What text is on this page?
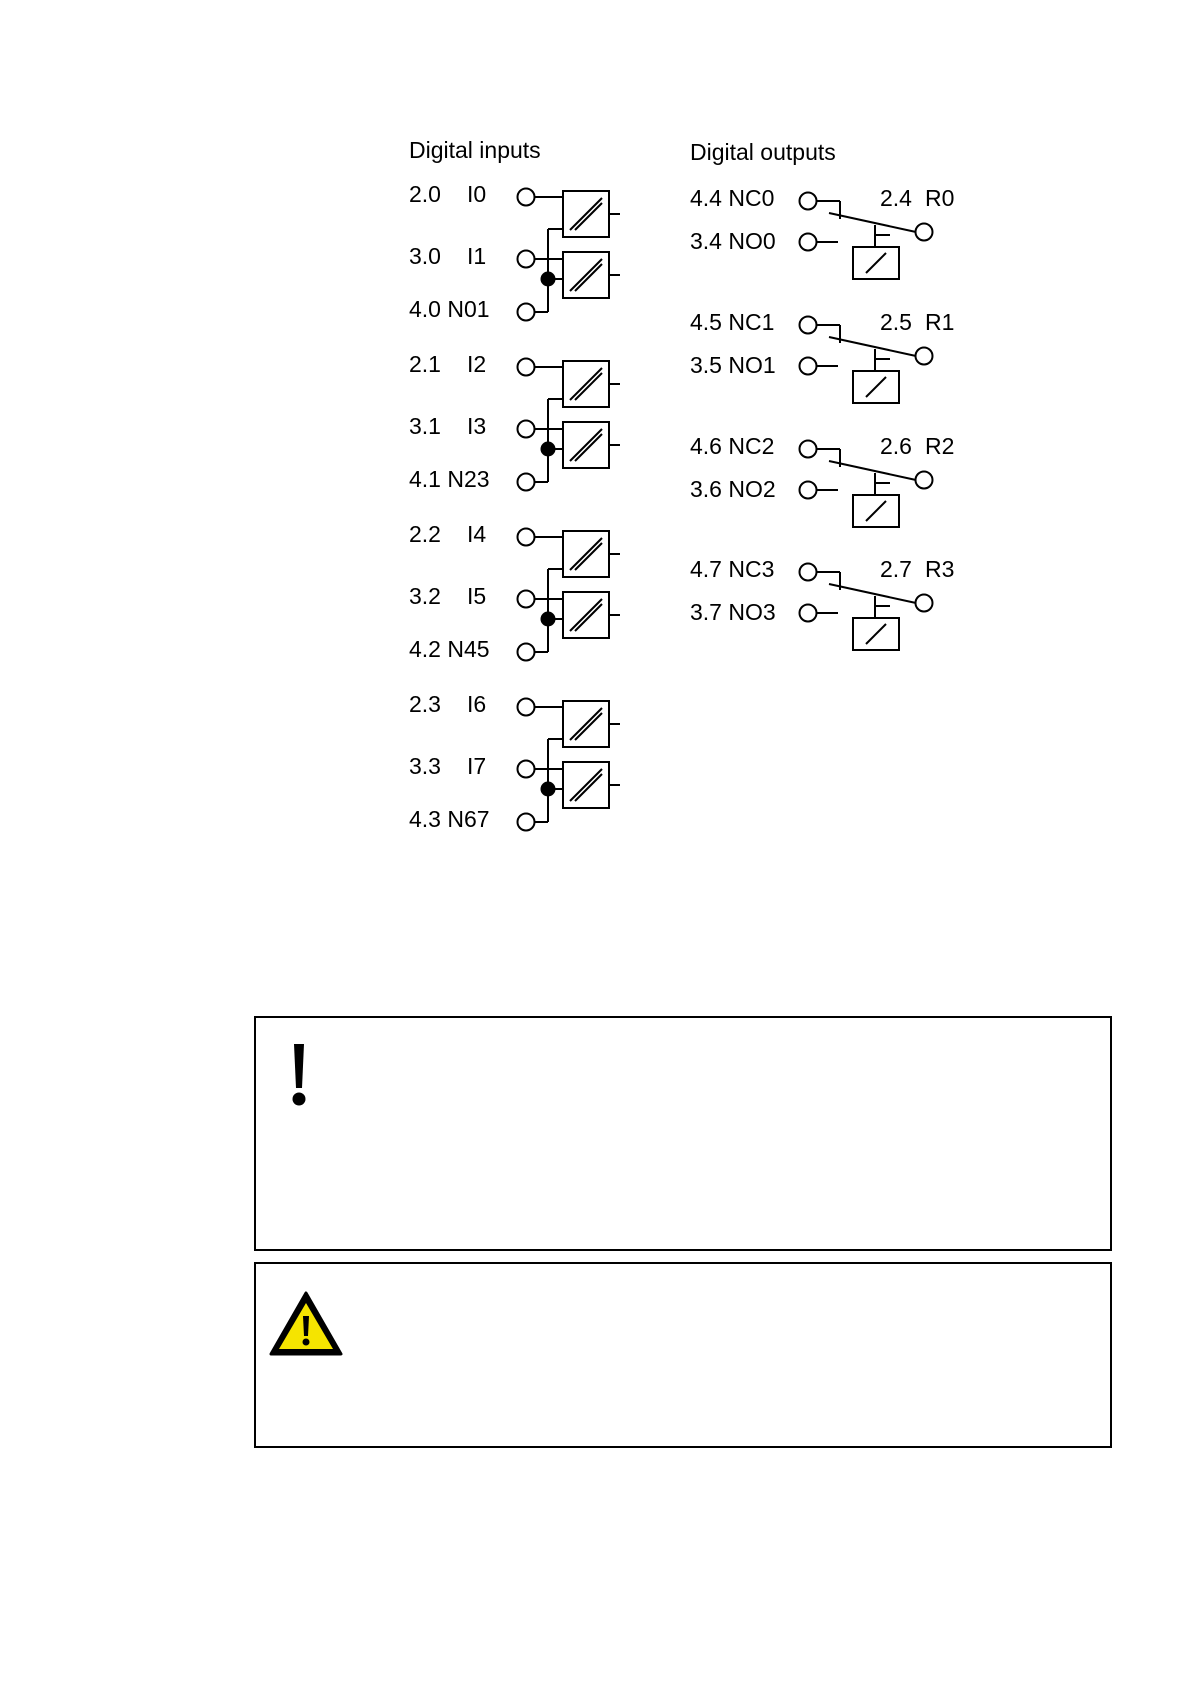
Digital inputs	Digital outputs
2.0 I0
3.0 I1
4.0 N01
2.1 I2
3.1 I3
4.1 N23
2.2 I4
3.2 I5
4.2 N45
2.3 I6
3.3 I7
4.3 N67
4.4 NC0
3.4 NO0
2.4 R0
4.5 NC1
3.5 NO1
2.5 R1
4.6 NC2
3.6 NO2
2.6 R2
4.7 NC3
3.7 NO3
2.7 R3
